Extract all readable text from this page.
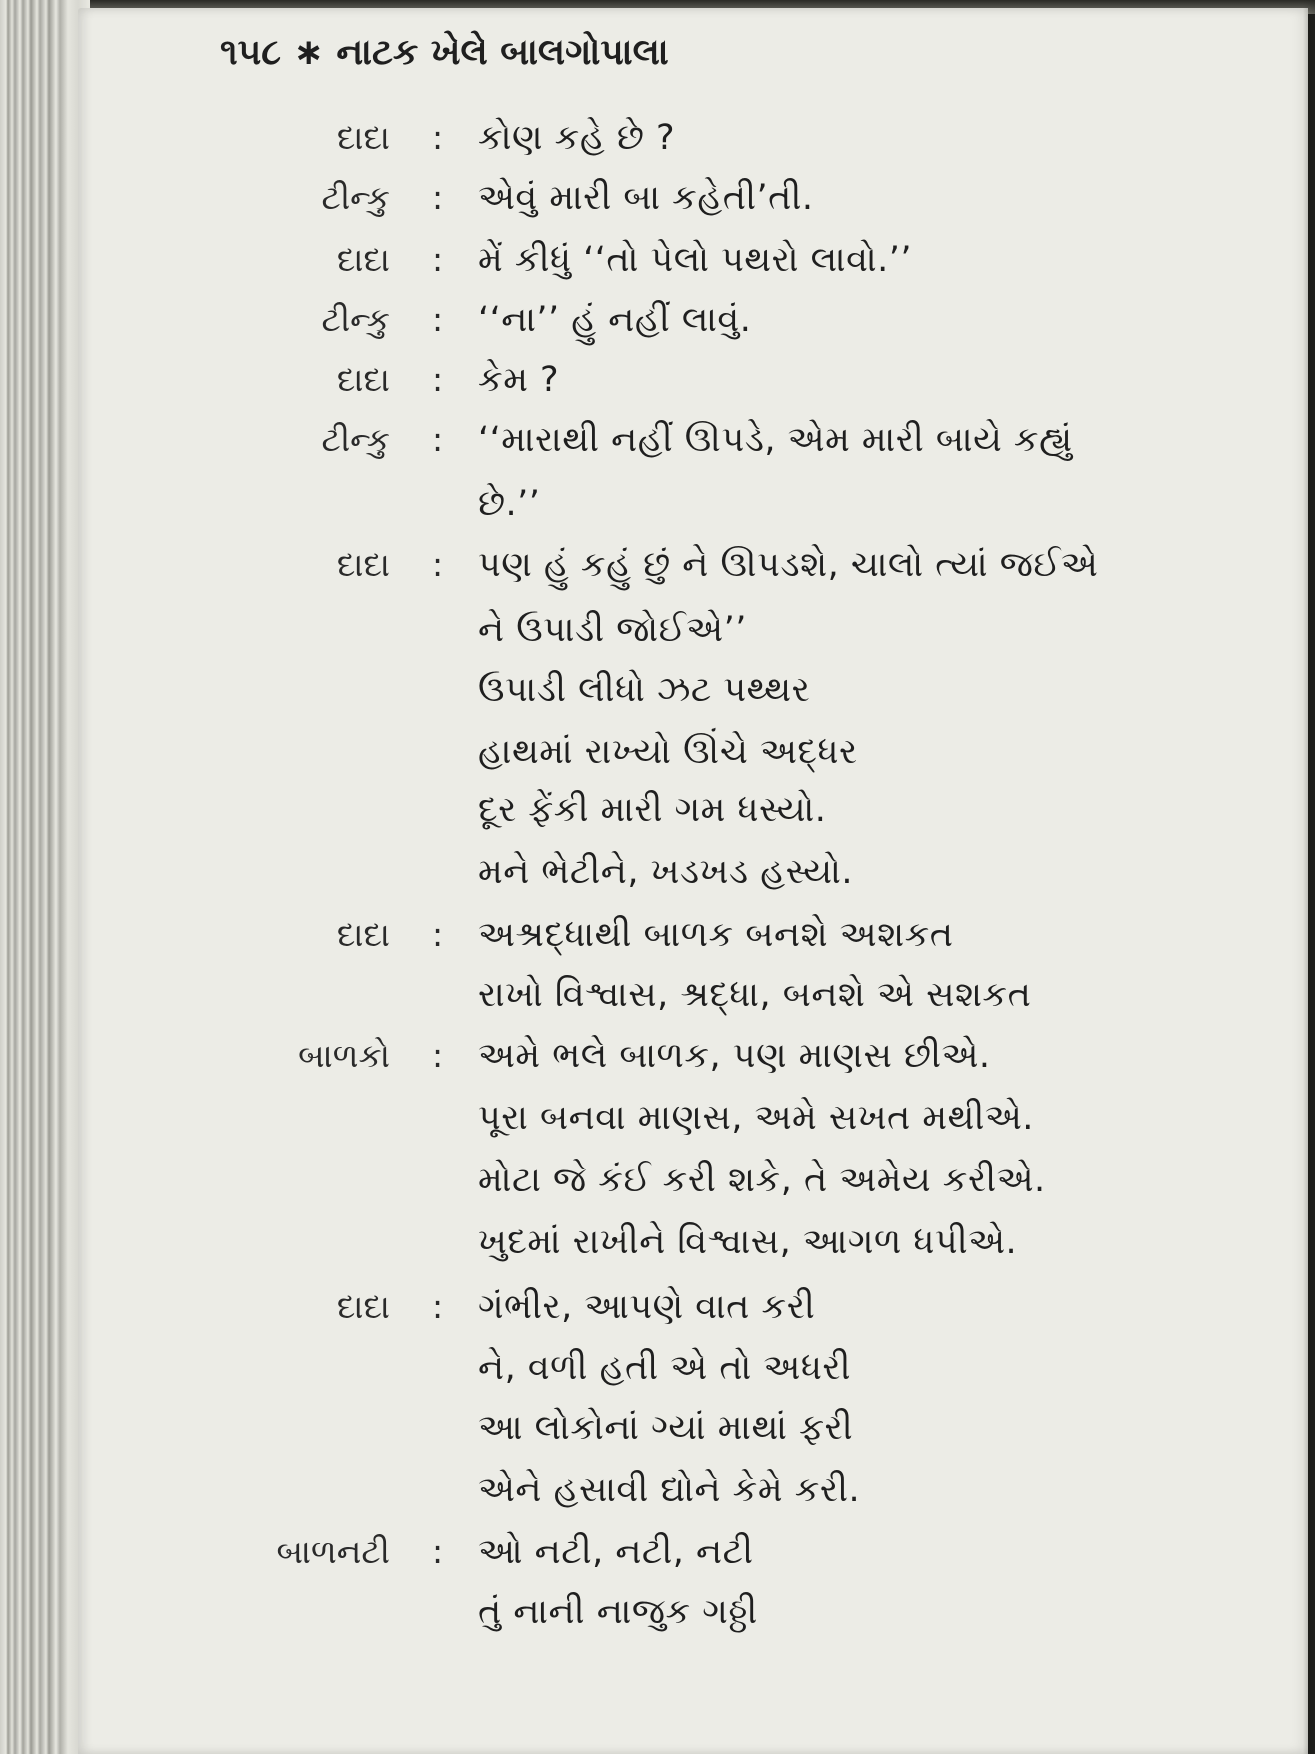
૧૫૮ ∗ નાટક ખેલે બાલગોપાલા
દાદા : કોણ કહે છે ?
ટીન્કુ : એવું મારી બા કહેતી’તી.
દાદા : મેં કીધું ‘‘તો પેલો પથરો લાવો.’’
ટીન્કુ : ‘‘ના’’ હું નહીં લાવું.
દાદા : કેમ ?
ટીન્કુ : ‘‘મારાથી નહીં ઊપડે, એમ મારી બાયે કહ્યું
છે.’’
દાદા : પણ હું કહું છું ને ઊપડશે, ચાલો ત્યાં જઈએ
ને ઉપાડી જોઈએ’’
ઉપાડી લીધો ઝટ પથ્થર
હાથમાં રાખ્યો ઊંચે અદ્ધર
દૂર ફેંકી મારી ગમ ધસ્યો.
મને ભેટીને, ખડખડ હસ્યો.
દાદા : અશ્રદ્ધાથી બાળક બનશે અશકત
રાખો વિશ્વાસ, શ્રદ્ધા, બનશે એ સશકત
બાળકો : અમે ભલે બાળક, પણ માણસ છીએ.
પૂરા બનવા માણસ, અમે સખત મથીએ.
મોટા જે કંઈ કરી શકે, તે અમેય કરીએ.
ખુદમાં રાખીને વિશ્વાસ, આગળ ધપીએ.
દાદા : ગંભીર, આપણે વાત કરી
ને, વળી હતી એ તો અધરી
આ લોકોનાં ગ્યાં માથાં ફરી
એને હસાવી દ્યોને કેમે કરી.
બાળનટી : ઓ નટી, નટી, નટી
તું નાની નાજુક ગઠ્ઠી
